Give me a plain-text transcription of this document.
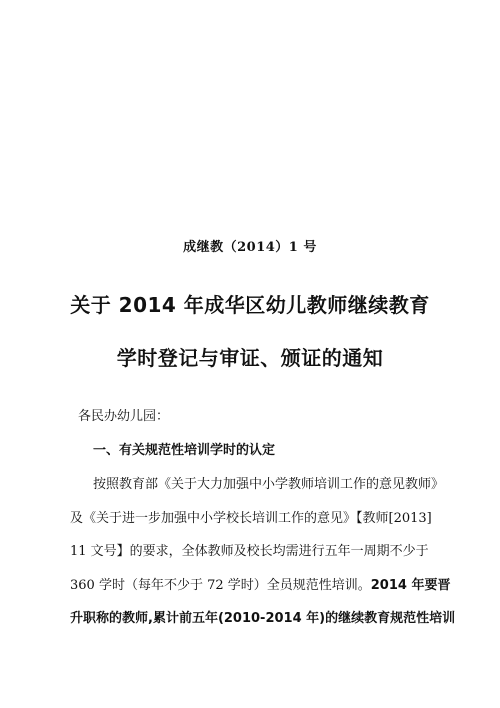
成继教（2014）1 号
关于 2014 年成华区幼儿教师继续教育
学时登记与审证、颁证的通知
各民办幼儿园：
一、有关规范性培训学时的认定
按照教育部《关于大力加强中小学教师培训工作的意见教师》
及《关于进一步加强中小学校长培训工作的意见》【教师[2013]
11 文号】的要求，全体教师及校长均需进行五年一周期不少于
360 学时（每年不少于 72 学时）全员规范性培训。2014 年要晋
升职称的教师,累计前五年(2010-2014 年)的继续教育规范性培训
